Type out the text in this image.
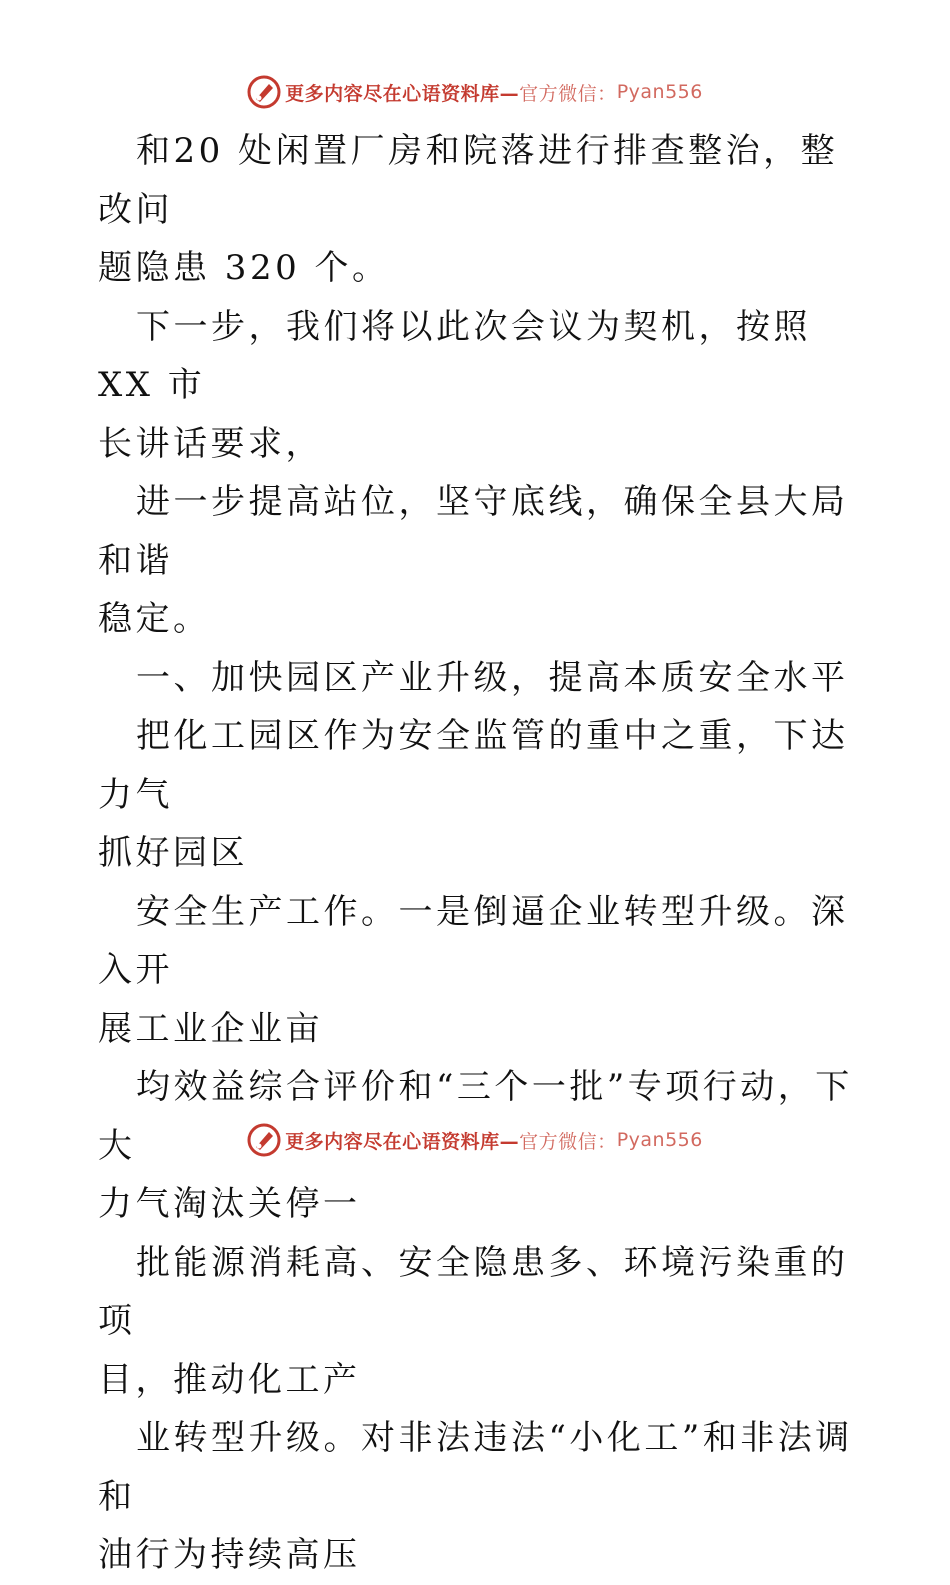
更多内容尽在心语资料库— 官方微信： Pyan556

和20 处闲置厂房和院落进行排查整治，整改问

题隐患 320 个。

下一步，我们将以此次会议为契机，按照 XX 市

长讲话要求，

进一步提高站位，坚守底线，确保全县大局和谐

稳定。

一、加快园区产业升级，提高本质安全水平

把化工园区作为安全监管的重中之重，下达力气

抓好园区

安全生产工作。一是倒逼企业转型升级。深入开

展工业企业亩

均效益综合评价和“三个一批”专项行动，下大

力气淘汰关停一

批能源消耗高、安全隐患多、环境污染重的项

目，推动化工产

业转型升级。对非法违法“小化工”和非法调和

油行为持续高压

更多内容尽在心语资料库— 官方微信： Pyan556
